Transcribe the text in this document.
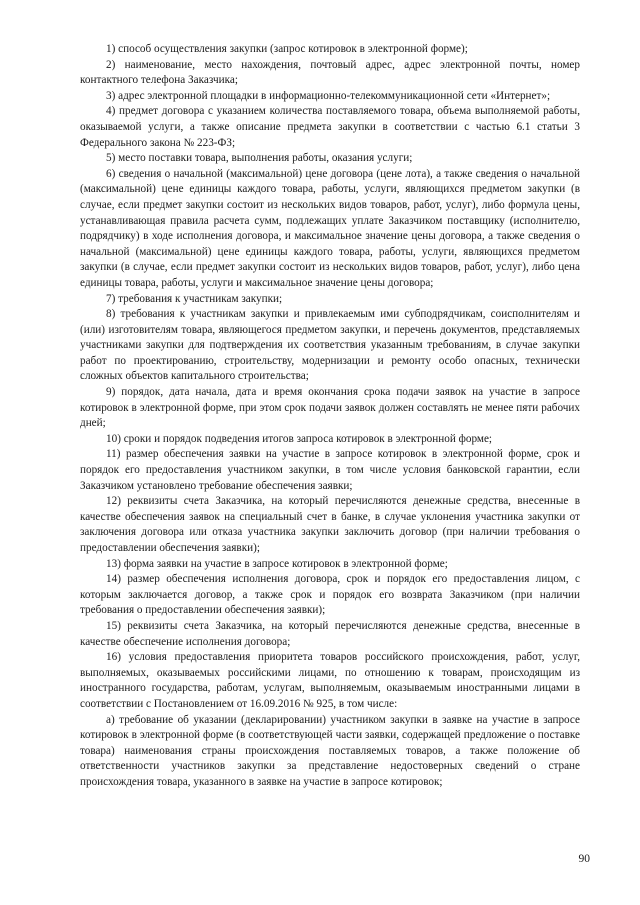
1) способ осуществления закупки (запрос котировок в электронной форме);

2) наименование, место нахождения, почтовый адрес, адрес электронной почты, номер контактного телефона Заказчика;

3) адрес электронной площадки в информационно-телекоммуникационной сети «Интернет»;

4) предмет договора с указанием количества поставляемого товара, объема выполняемой работы, оказываемой услуги, а также описание предмета закупки в соответствии с частью 6.1 статьи 3 Федерального закона № 223-ФЗ;

5) место поставки товара, выполнения работы, оказания услуги;

6) сведения о начальной (максимальной) цене договора (цене лота), а также сведения о начальной (максимальной) цене единицы каждого товара, работы, услуги, являющихся предметом закупки (в случае, если предмет закупки состоит из нескольких видов товаров, работ, услуг), либо формула цены, устанавливающая правила расчета сумм, подлежащих уплате Заказчиком поставщику (исполнителю, подрядчику) в ходе исполнения договора, и максимальное значение цены договора, а также сведения о начальной (максимальной) цене единицы каждого товара, работы, услуги, являющихся предметом закупки (в случае, если предмет закупки состоит из нескольких видов товаров, работ, услуг), либо цена единицы товара, работы, услуги и максимальное значение цены договора;

7) требования к участникам закупки;

8) требования к участникам закупки и привлекаемым ими субподрядчикам, соисполнителям и (или) изготовителям товара, являющегося предметом закупки, и перечень документов, представляемых участниками закупки для подтверждения их соответствия указанным требованиям, в случае закупки работ по проектированию, строительству, модернизации и ремонту особо опасных, технически сложных объектов капитального строительства;

9) порядок, дата начала, дата и время окончания срока подачи заявок на участие в запросе котировок в электронной форме, при этом срок подачи заявок должен составлять не менее пяти рабочих дней;

10) сроки и порядок подведения итогов запроса котировок в электронной форме;

11) размер обеспечения заявки на участие в запросе котировок в электронной форме, срок и порядок его предоставления участником закупки, в том числе условия банковской гарантии, если Заказчиком установлено требование обеспечения заявки;

12) реквизиты счета Заказчика, на который перечисляются денежные средства, внесенные в качестве обеспечения заявок на специальный счет в банке, в случае уклонения участника закупки от заключения договора или отказа участника закупки заключить договор (при наличии требования о предоставлении обеспечения заявки);

13) форма заявки на участие в запросе котировок в электронной форме;

14) размер обеспечения исполнения договора, срок и порядок его предоставления лицом, с которым заключается договор, а также срок и порядок его возврата Заказчиком (при наличии требования о предоставлении обеспечения заявки);

15) реквизиты счета Заказчика, на который перечисляются денежные средства, внесенные в качестве обеспечение исполнения договора;

16) условия предоставления приоритета товаров российского происхождения, работ, услуг, выполняемых, оказываемых российскими лицами, по отношению к товарам, происходящим из иностранного государства, работам, услугам, выполняемым, оказываемым иностранными лицами в соответствии с Постановлением от 16.09.2016 № 925, в том числе:

а) требование об указании (декларировании) участником закупки в заявке на участие в запросе котировок в электронной форме (в соответствующей части заявки, содержащей предложение о поставке товара) наименования страны происхождения поставляемых товаров, а также положение об ответственности участников закупки за представление недостоверных сведений о стране происхождения товара, указанного в заявке на участие в запросе котировок;

90
